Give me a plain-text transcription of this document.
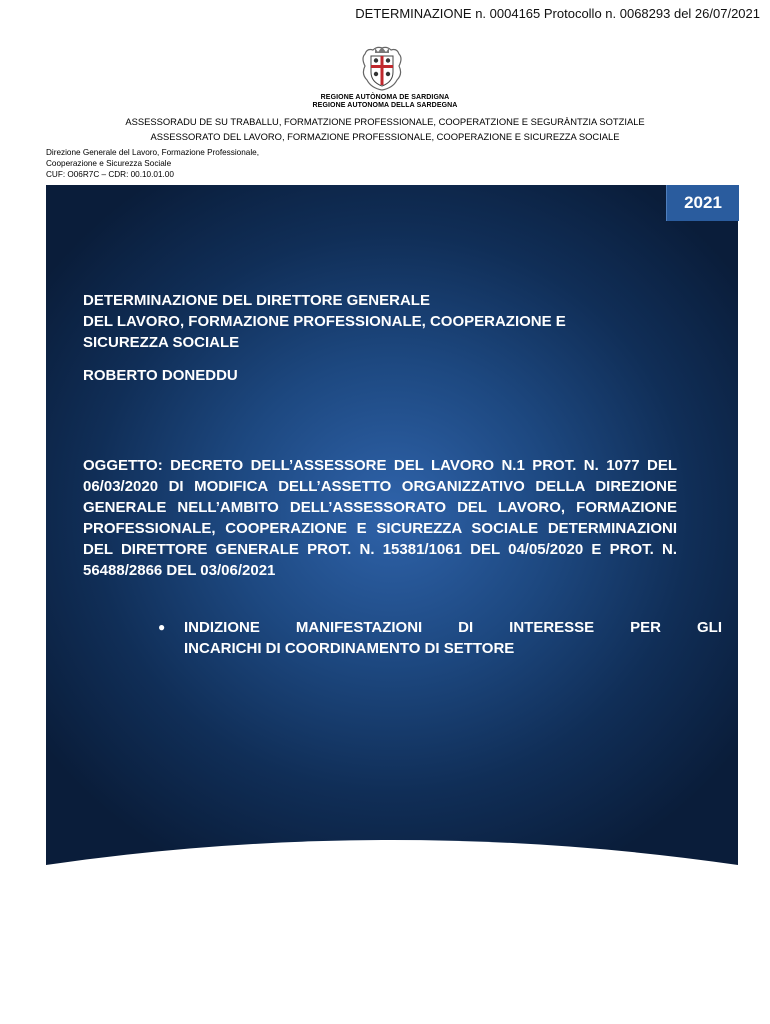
DETERMINAZIONE n. 0004165 Protocollo n. 0068293 del 26/07/2021
REGIONE AUTÒNOMA DE SARDIGNA
REGIONE AUTONOMA DELLA SARDEGNA
ASSESSORADU DE SU TRABALLU, FORMATZIONE PROFESSIONALE, COOPERATZIONE E SEGURÀNTZIA SOTZIALE
ASSESSORATO DEL LAVORO, FORMAZIONE PROFESSIONALE, COOPERAZIONE E SICUREZZA SOCIALE
Direzione Generale del Lavoro, Formazione Professionale,
Cooperazione e Sicurezza Sociale
CUF: O06R7C – CDR: 00.10.01.00
2021
DETERMINAZIONE DEL DIRETTORE GENERALE
DEL LAVORO, FORMAZIONE PROFESSIONALE, COOPERAZIONE E
SICUREZZA SOCIALE
ROBERTO DONEDDU
OGGETTO: DECRETO DELL’ASSESSORE DEL LAVORO N.1 PROT. N. 1077 DEL 06/03/2020 DI MODIFICA DELL’ASSETTO ORGANIZZATIVO DELLA DIREZIONE GENERALE NELL’AMBITO DELL’ASSESSORATO DEL LAVORO, FORMAZIONE PROFESSIONALE, COOPERAZIONE E SICUREZZA SOCIALE DETERMINAZIONI DEL DIRETTORE GENERALE PROT. N. 15381/1061 DEL 04/05/2020 E PROT. N. 56488/2866 DEL 03/06/2021
● INDIZIONE MANIFESTAZIONI DI INTERESSE PER GLI
INCARICHI DI COORDINAMENTO DI SETTORE
